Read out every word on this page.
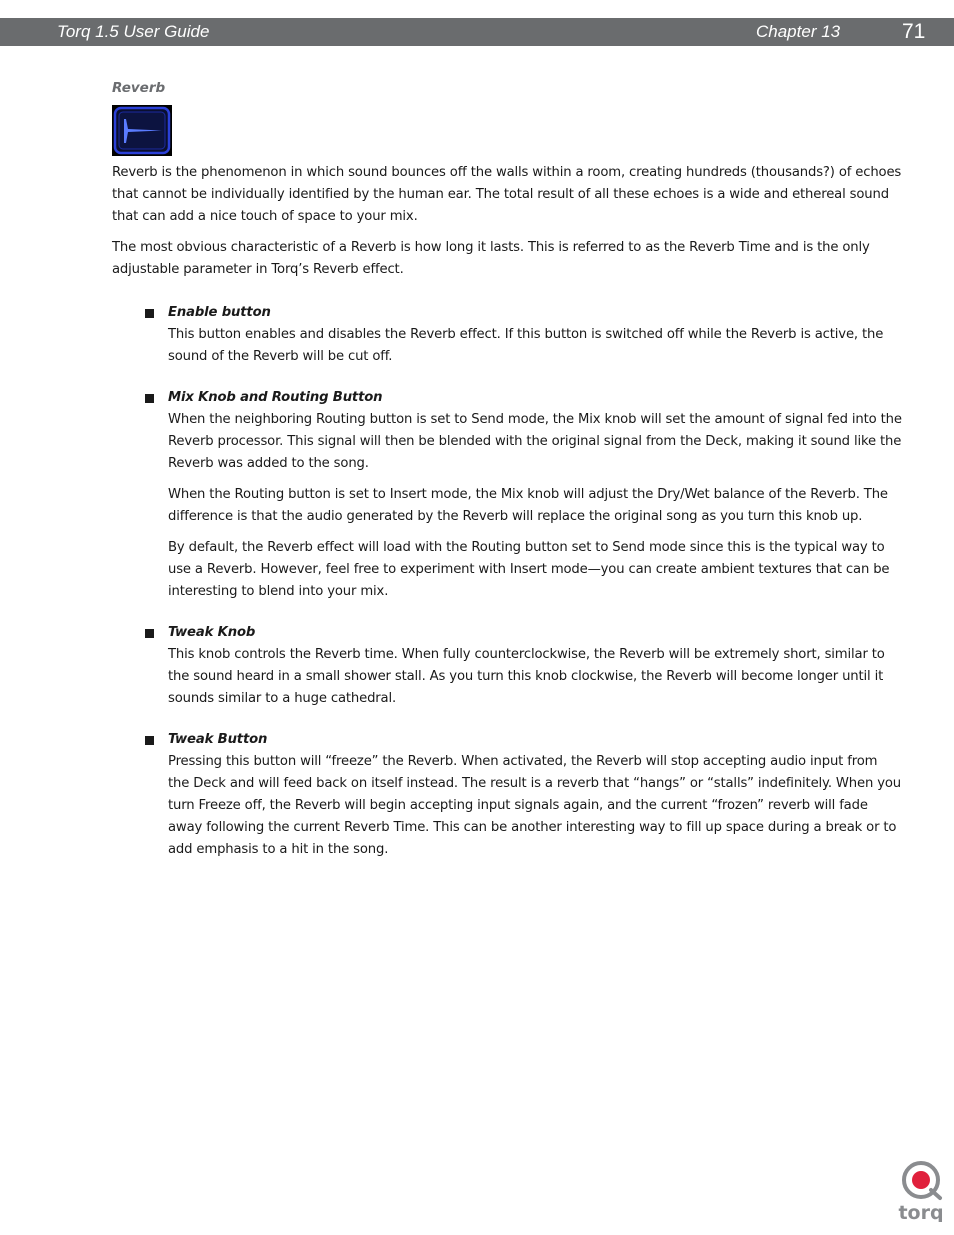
Torq 1.5 User Guide	Chapter 13	71
Reverb

Reverb is the phenomenon in which sound bounces off the walls within a room, creating hundreds (thousands?) of echoes that cannot be individually identified by the human ear. The total result of all these echoes is a wide and ethereal sound that can add a nice touch of space to your mix.

The most obvious characteristic of a Reverb is how long it lasts. This is referred to as the Reverb Time and is the only adjustable parameter in Torq’s Reverb effect.

Enable button

This button enables and disables the Reverb effect. If this button is switched off while the Reverb is active, the sound of the Reverb will be cut off.

Mix Knob and Routing Button

When the neighboring Routing button is set to Send mode, the Mix knob will set the amount of signal fed into the Reverb processor. This signal will then be blended with the original signal from the Deck, making it sound like the Reverb was added to the song.

When the Routing button is set to Insert mode, the Mix knob will adjust the Dry/Wet balance of the Reverb. The difference is that the audio generated by the Reverb will replace the original song as you turn this knob up.

By default, the Reverb effect will load with the Routing button set to Send mode since this is the typical way to use a Reverb. However, feel free to experiment with Insert mode—you can create ambient textures that can be interesting to blend into your mix.

Tweak Knob

This knob controls the Reverb time. When fully counterclockwise, the Reverb will be extremely short, similar to the sound heard in a small shower stall. As you turn this knob clockwise, the Reverb will become longer until it sounds similar to a huge cathedral.

Tweak Button

Pressing this button will “freeze” the Reverb. When activated, the Reverb will stop accepting audio input from the Deck and will feed back on itself instead. The result is a reverb that “hangs” or “stalls” indefinitely. When you turn Freeze off, the Reverb will begin accepting input signals again, and the current “frozen” reverb will fade away following the current Reverb Time. This can be another interesting way to fill up space during a break or to add emphasis to a hit in the song.

torq
